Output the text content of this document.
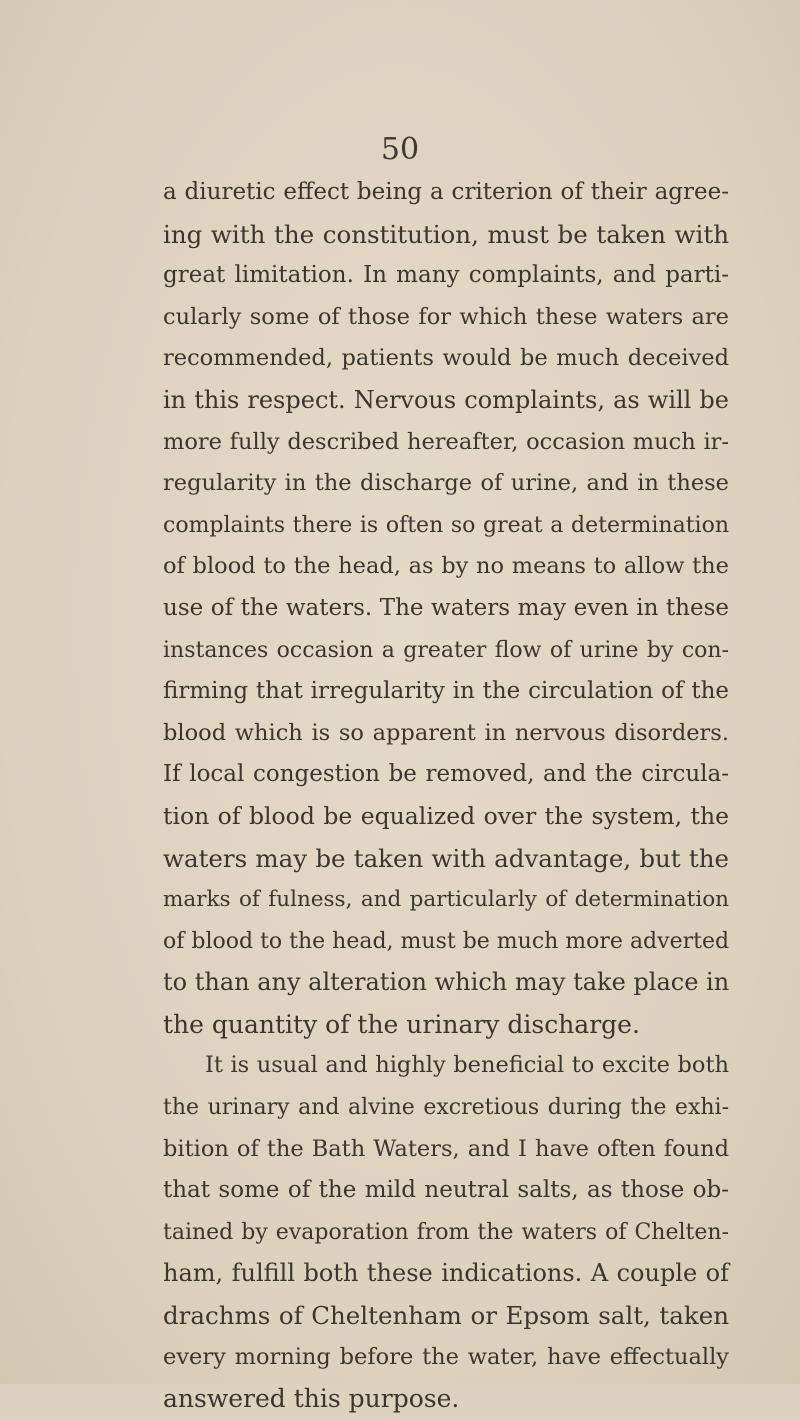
50
a diuretic effect being a criterion of their agree-
ing with the constitution, must be taken with
great limitation. In many complaints, and parti-
cularly some of those for which these waters are
recommended, patients would be much deceived
in this respect. Nervous complaints, as will be
more fully described hereafter, occasion much ir-
regularity in the discharge of urine, and in these
complaints there is often so great a determination
of blood to the head, as by no means to allow the
use of the waters. The waters may even in these
instances occasion a greater flow of urine by con-
firming that irregularity in the circulation of the
blood which is so apparent in nervous disorders.
If local congestion be removed, and the circula-
tion of blood be equalized over the system, the
waters may be taken with advantage, but the
marks of fulness, and particularly of determination
of blood to the head, must be much more adverted
to than any alteration which may take place in
the quantity of the urinary discharge.
It is usual and highly beneficial to excite both
the urinary and alvine excretious during the exhi-
bition of the Bath Waters, and I have often found
that some of the mild neutral salts, as those ob-
tained by evaporation from the waters of Chelten-
ham, fulfill both these indications. A couple of
drachms of Cheltenham or Epsom salt, taken
every morning before the water, have effectually
answered this purpose.
